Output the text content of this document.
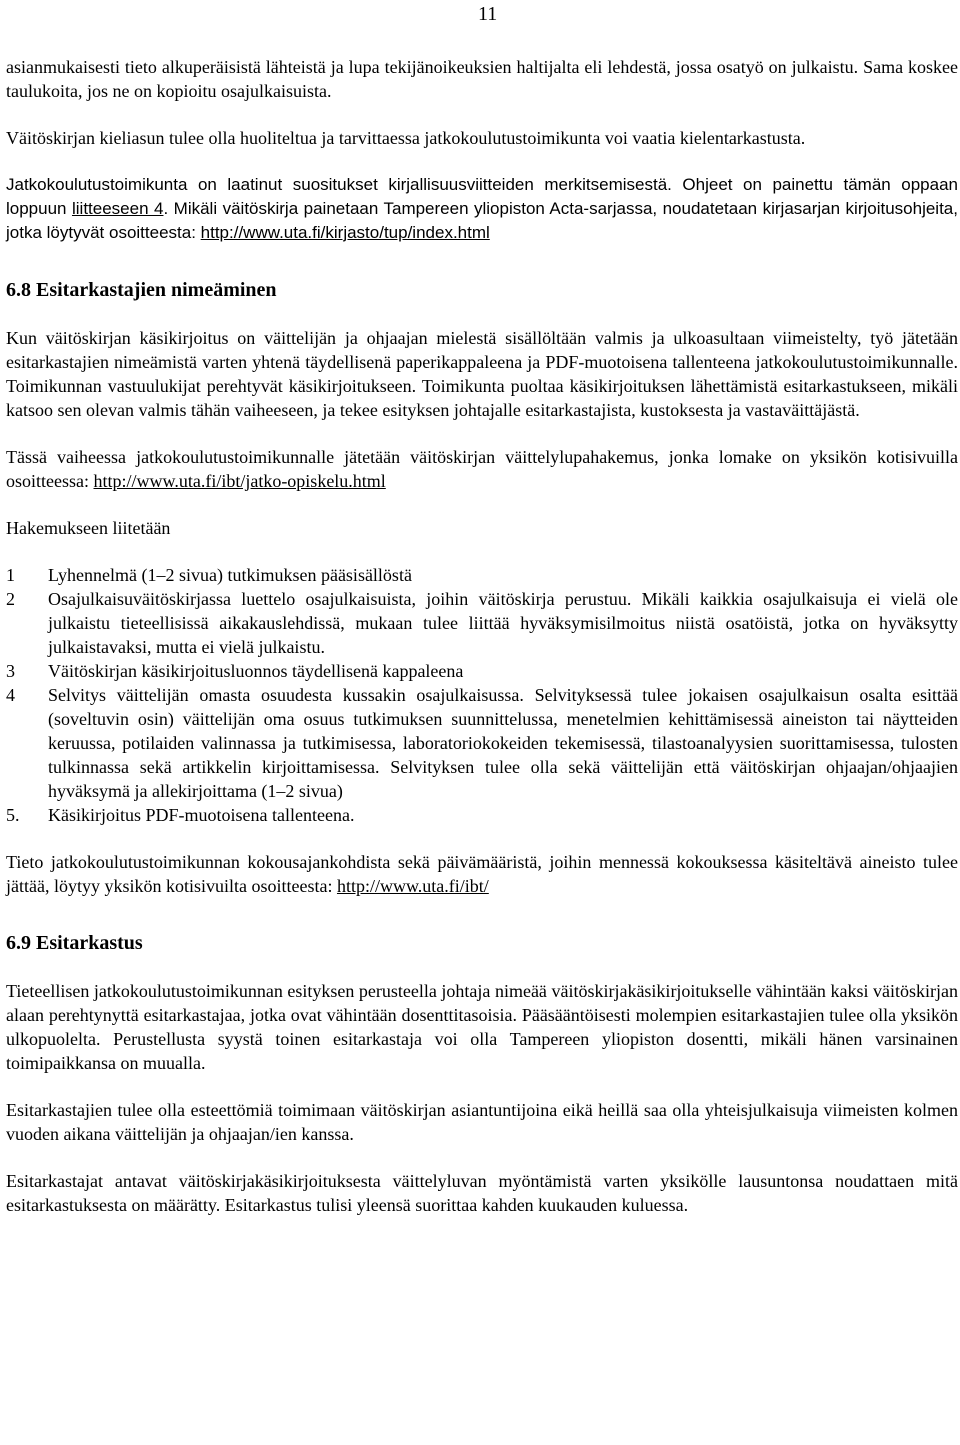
11

asianmukaisesti tieto alkuperäisistä lähteistä ja lupa tekijänoikeuksien haltijalta eli lehdestä, jossa osatyö on julkaistu. Sama koskee taulukoita, jos ne on kopioitu osajulkaisuista.

Väitöskirjan kieliasun tulee olla huoliteltua ja tarvittaessa jatkokoulutustoimikunta voi vaatia kielentarkastusta.

Jatkokoulutustoimikunta on laatinut suositukset kirjallisuusviitteiden merkitsemisestä. Ohjeet on painettu tämän oppaan loppuun liitteeseen 4. Mikäli väitöskirja painetaan Tampereen yliopiston Acta-sarjassa, noudatetaan kirjasarjan kirjoitusohjeita, jotka löytyvät osoitteesta: http://www.uta.fi/kirjasto/tup/index.html

6.8 Esitarkastajien nimeäminen

Kun väitöskirjan käsikirjoitus on väittelijän ja ohjaajan mielestä sisällöltään valmis ja ulkoasultaan viimeistelty, työ jätetään esitarkastajien nimeämistä varten yhtenä täydellisenä paperikappaleena ja PDF-muotoisena tallenteena jatkokoulutustoimikunnalle. Toimikunnan vastuulukijat perehtyvät käsikirjoitukseen. Toimikunta puoltaa käsikirjoituksen lähettämistä esitarkastukseen, mikäli katsoo sen olevan valmis tähän vaiheeseen, ja tekee esityksen johtajalle esitarkastajista, kustoksesta ja vastaväittäjästä.

Tässä vaiheessa jatkokoulutustoimikunnalle jätetään väitöskirjan väittelylupahakemus, jonka lomake on yksikön kotisivuilla osoitteessa: http://www.uta.fi/ibt/jatko-opiskelu.html

Hakemukseen liitetään

1 Lyhennelmä (1–2 sivua) tutkimuksen pääsisällöstä
2 Osajulkaisuväitöskirjassa luettelo osajulkaisuista, joihin väitöskirja perustuu. Mikäli kaikkia osajulkaisuja ei vielä ole julkaistu tieteellisissä aikakauslehdissä, mukaan tulee liittää hyväksymisilmoitus niistä osatöistä, jotka on hyväksytty julkaistavaksi, mutta ei vielä julkaistu.
3 Väitöskirjan käsikirjoitusluonnos täydellisenä kappaleena
4 Selvitys väittelijän omasta osuudesta kussakin osajulkaisussa. Selvityksessä tulee jokaisen osajulkaisun osalta esittää (soveltuvin osin) väittelijän oma osuus tutkimuksen suunnittelussa, menetelmien kehittämisessä aineiston tai näytteiden keruussa, potilaiden valinnassa ja tutkimisessa, laboratoriokokeiden tekemisessä, tilastoanalyysien suorittamisessa, tulosten tulkinnassa sekä artikkelin kirjoittamisessa. Selvityksen tulee olla sekä väittelijän että väitöskirjan ohjaajan/ohjaajien hyväksymä ja allekirjoittama (1–2 sivua)
5. Käsikirjoitus PDF-muotoisena tallenteena.

Tieto jatkokoulutustoimikunnan kokousajankohdista sekä päivämääristä, joihin mennessä kokouksessa käsiteltävä aineisto tulee jättää, löytyy yksikön kotisivuilta osoitteesta: http://www.uta.fi/ibt/

6.9 Esitarkastus

Tieteellisen jatkokoulutustoimikunnan esityksen perusteella johtaja nimeää väitöskirjakäsikirjoitukselle vähintään kaksi väitöskirjan alaan perehtynyttä esitarkastajaa, jotka ovat vähintään dosenttitasoisia. Pääsääntöisesti molempien esitarkastajien tulee olla yksikön ulkopuolelta. Perustellusta syystä toinen esitarkastaja voi olla Tampereen yliopiston dosentti, mikäli hänen varsinainen toimipaikkansa on muualla.

Esitarkastajien tulee olla esteettömiä toimimaan väitöskirjan asiantuntijoina eikä heillä saa olla yhteisjulkaisuja viimeisten kolmen vuoden aikana väittelijän ja ohjaajan/ien kanssa.

Esitarkastajat antavat väitöskirjakäsikirjoituksesta väittelyluvan myöntämistä varten yksikölle lausuntonsa noudattaen mitä esitarkastuksesta on määrätty. Esitarkastus tulisi yleensä suorittaa kahden kuukauden kuluessa.
